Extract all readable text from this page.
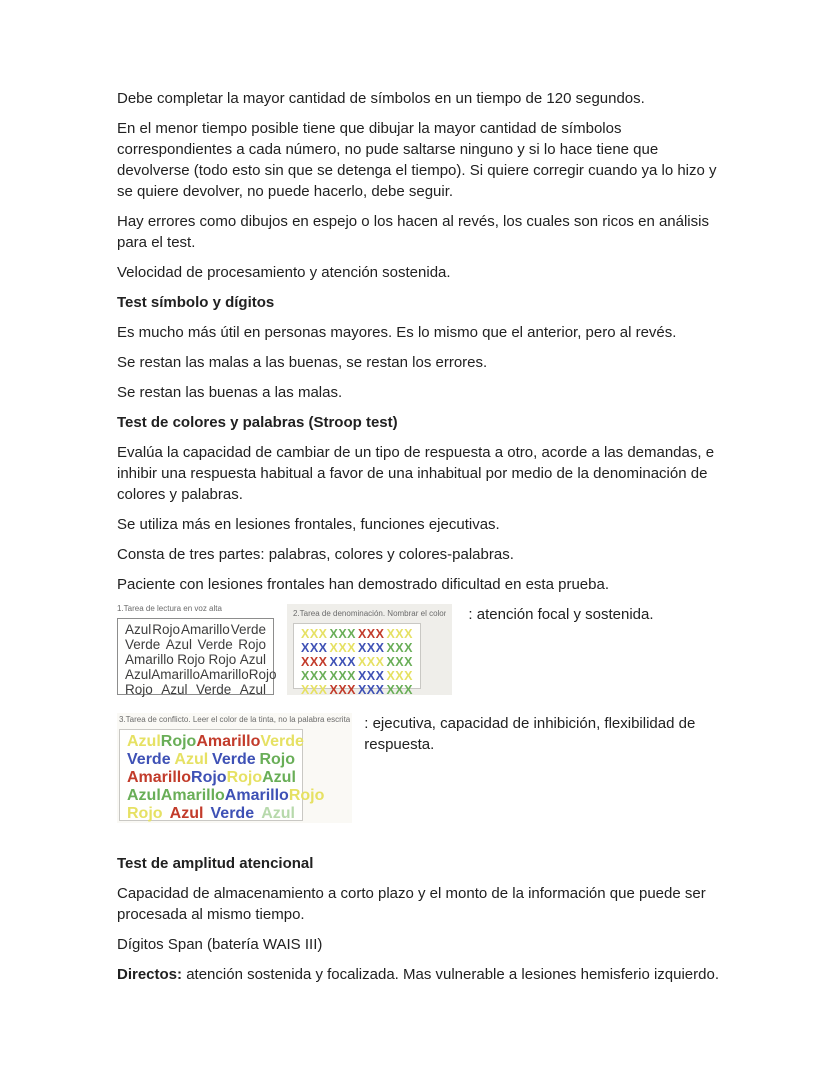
Debe completar la mayor cantidad de símbolos en un tiempo de 120 segundos.

En el menor tiempo posible tiene que dibujar la mayor cantidad de símbolos correspondientes a cada número, no pude saltarse ninguno y si lo hace tiene que devolverse (todo esto sin que se detenga el tiempo). Si quiere corregir cuando ya lo hizo y se quiere devolver, no puede hacerlo, debe seguir.

Hay errores como dibujos en espejo o los hacen al revés, los cuales son ricos en análisis para el test.

Velocidad de procesamiento y atención sostenida.

Test símbolo y dígitos

Es mucho más útil en personas mayores. Es lo mismo que el anterior, pero al revés.

Se restan las malas a las buenas, se restan los errores.

Se restan las buenas a las malas.

Test de colores y palabras (Stroop test)

Evalúa la capacidad de cambiar de un tipo de respuesta a otro, acorde a las demandas, e inhibir una respuesta habitual a favor de una inhabitual por medio de la denominación de colores y palabras.

Se utiliza más en lesiones frontales, funciones ejecutivas.

Consta de tres partes: palabras, colores y colores-palabras.

Paciente con lesiones frontales han demostrado dificultad en esta prueba.

1.Tarea de lectura en voz alta
Azul Rojo Amarillo Verde
Verde Azul Verde Rojo
Amarillo Rojo Rojo Azul
Azul Amarillo Amarillo Rojo
Rojo Azul Verde Azul
2.Tarea de denominación. Nombrar el color
XXX XXX XXX XXX
XXX XXX XXX XXX
XXX XXX XXX XXX
XXX XXX XXX XXX
XXX XXX XXX XXX
: atención focal y sostenida.
3.Tarea de conflicto. Leer el color de la tinta, no la palabra escrita
Azul Rojo Amarillo Verde
Verde Azul Verde Rojo
Amarillo Rojo Rojo Azul
Azul Amarillo Amarillo Rojo
Rojo Azul Verde Azul
: ejecutiva, capacidad de inhibición, flexibilidad de respuesta.
Test de amplitud atencional

Capacidad de almacenamiento a corto plazo y el monto de la información que puede ser procesada al mismo tiempo.

Dígitos Span (batería WAIS III)

Directos: atención sostenida y focalizada. Mas vulnerable a lesiones hemisferio izquierdo.
